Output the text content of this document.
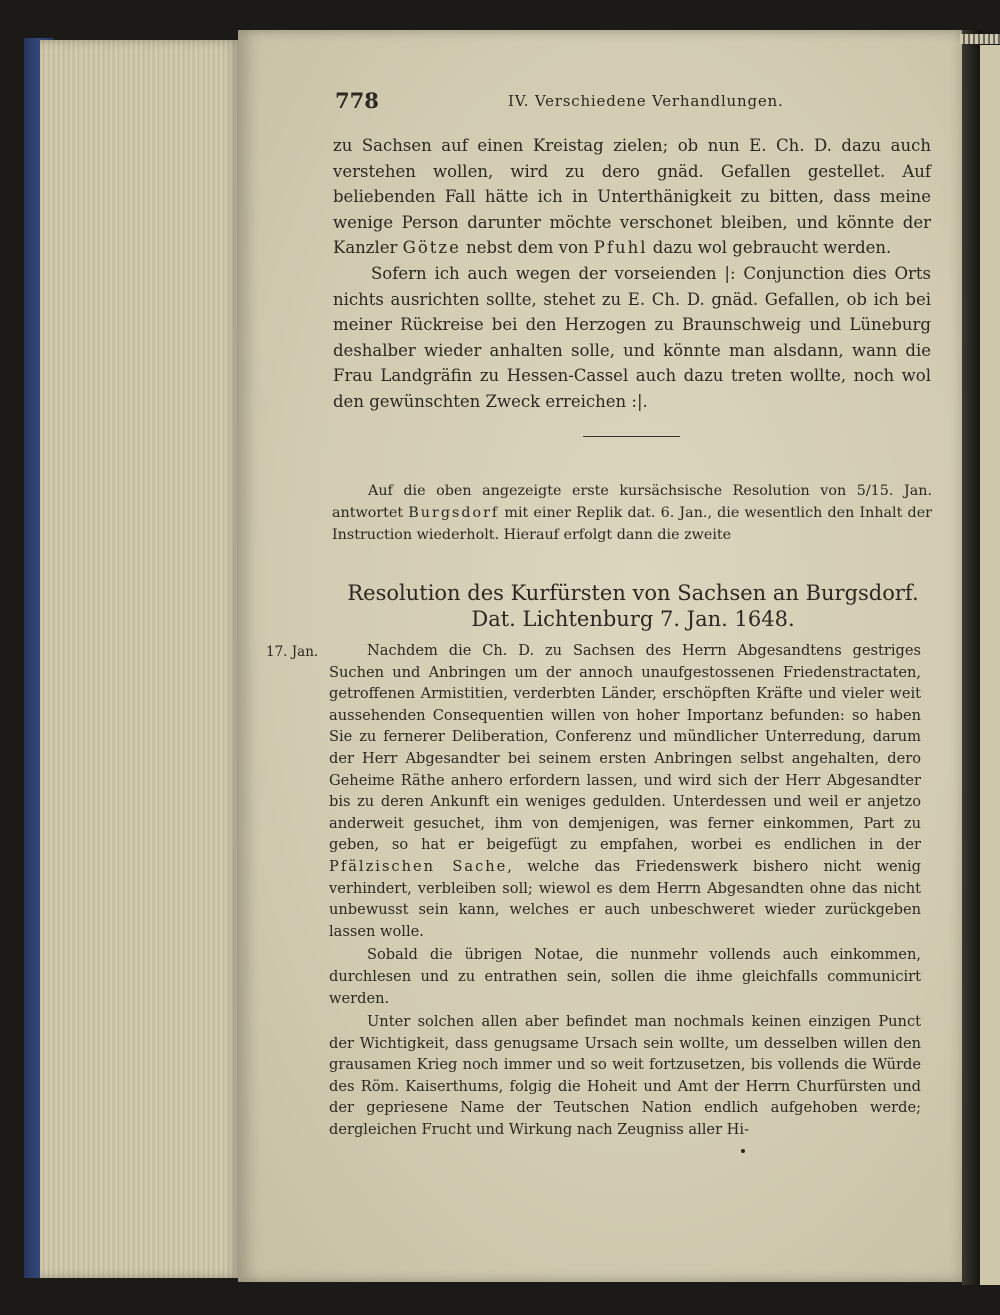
778	IV. Verschiedene Verhandlungen.

zu Sachsen auf einen Kreistag zielen; ob nun E. Ch. D. dazu auch verstehen wollen, wird zu dero gnäd. Gefallen gestellet. Auf beliebenden Fall hätte ich in Unterthänigkeit zu bitten, dass meine wenige Person darunter möchte verschonet bleiben, und könnte der Kanzler Götze nebst dem von Pfuhl dazu wol gebraucht werden.

Sofern ich auch wegen der vorseienden |: Conjunction dies Orts nichts ausrichten sollte, stehet zu E. Ch. D. gnäd. Gefallen, ob ich bei meiner Rückreise bei den Herzogen zu Braunschweig und Lüneburg deshalber wieder anhalten solle, und könnte man alsdann, wann die Frau Landgräfin zu Hessen-Cassel auch dazu treten wollte, noch wol den gewünschten Zweck erreichen :|.

Auf die oben angezeigte erste kursächsische Resolution von 5/15. Jan. antwortet Burgsdorf mit einer Replik dat. 6. Jan., die wesentlich den Inhalt der Instruction wiederholt. Hierauf erfolgt dann die zweite

Resolution des Kurfürsten von Sachsen an Burgsdorf.

Dat. Lichtenburg 7. Jan. 1648.

17. Jan.	Nachdem die Ch. D. zu Sachsen des Herrn Abgesandtens gestriges Suchen und Anbringen um der annoch unaufgestossenen Friedenstractaten, getroffenen Armistitien, verderbten Länder, erschöpften Kräfte und vieler weit aussehenden Consequentien willen von hoher Importanz befunden: so haben Sie zu fernerer Deliberation, Conferenz und mündlicher Unterredung, darum der Herr Abgesandter bei seinem ersten Anbringen selbst angehalten, dero Geheime Räthe anhero erfordern lassen, und wird sich der Herr Abgesandter bis zu deren Ankunft ein weniges gedulden. Unterdessen und weil er anjetzo anderweit gesuchet, ihm von demjenigen, was ferner einkommen, Part zu geben, so hat er beigefügt zu empfahen, worbei es endlichen in der Pfälzischen Sache, welche das Friedenswerk bishero nicht wenig verhindert, verbleiben soll; wiewol es dem Herrn Abgesandten ohne das nicht unbewusst sein kann, welches er auch unbeschweret wieder zurückgeben lassen wolle.

Sobald die übrigen Notae, die nunmehr vollends auch einkommen, durchlesen und zu entrathen sein, sollen die ihme gleichfalls communicirt werden.

Unter solchen allen aber befindet man nochmals keinen einzigen Punct der Wichtigkeit, dass genugsame Ursach sein wollte, um desselben willen den grausamen Krieg noch immer und so weit fortzusetzen, bis vollends die Würde des Röm. Kaiserthums, folgig die Hoheit und Amt der Herrn Churfürsten und der gepriesene Name der Teutschen Nation endlich aufgehoben werde; dergleichen Frucht und Wirkung nach Zeugniss aller Hi-
